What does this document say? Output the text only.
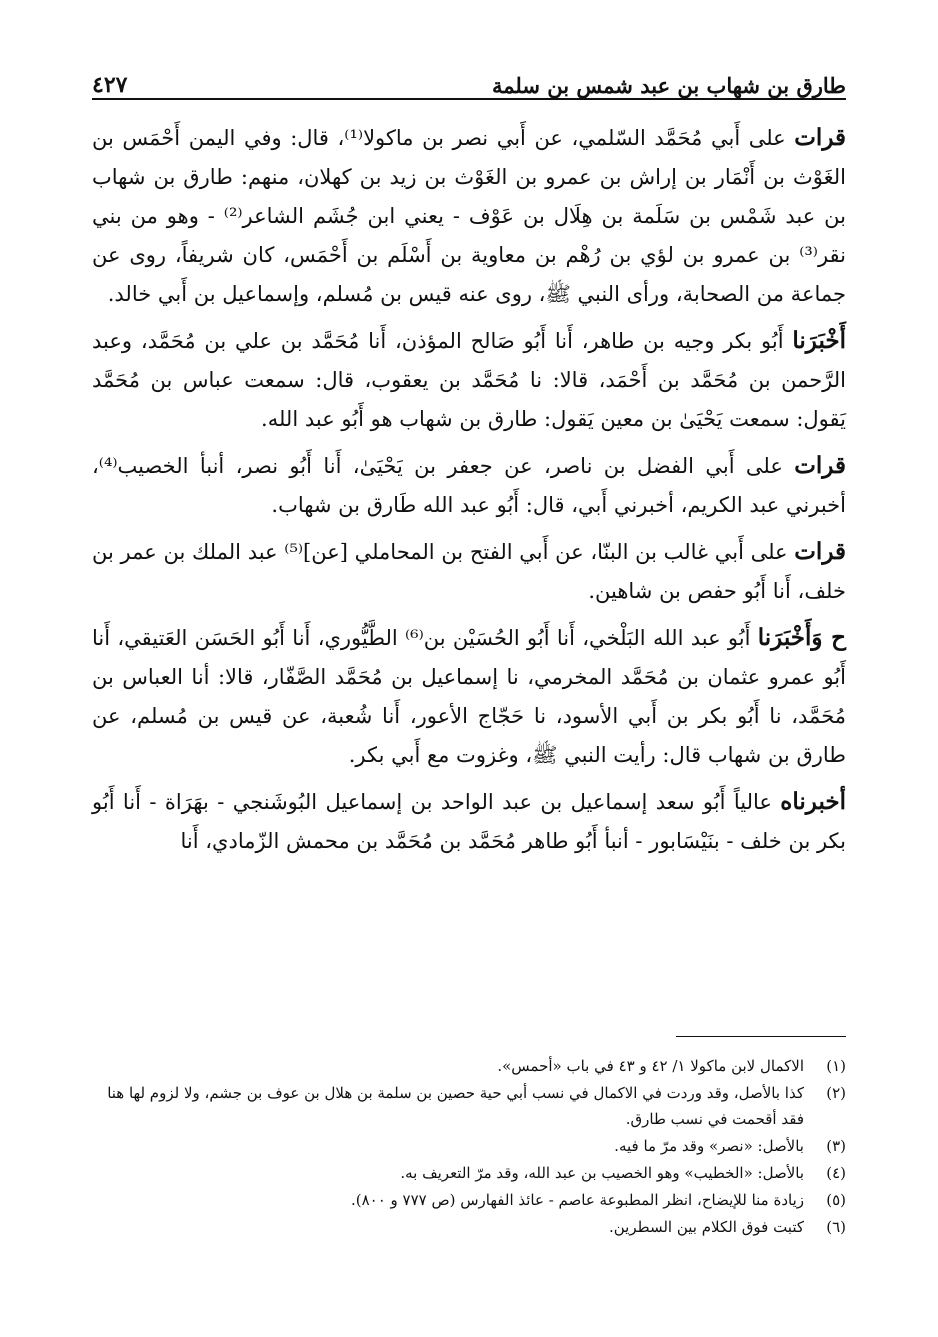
طارق بن شهاب بن عبد شمس بن سلمة
٤٢٧

قرات على أَبي مُحَمَّد السّلمي، عن أَبي نصر بن ماكولا⁽¹⁾، قال: وفي اليمن أَحْمَس بن الغَوْث بن أَنْمَار بن إراش بن عمرو بن الغَوْث بن زيد بن كهلان، منهم: طارق بن شهاب بن عبد شَمْس بن سَلَمة بن هِلَال بن عَوْف - يعني ابن جُشَم الشاعر⁽²⁾ - وهو من بني نقر⁽³⁾ بن عمرو بن لؤي بن رُهْم بن معاوية بن أَسْلَم بن أَحْمَس، كان شريفاً، روى عن جماعة من الصحابة، ورأى النبي ﷺ، روى عنه قيس بن مُسلم، وإسماعيل بن أَبي خالد.

أَخْبَرَنا أَبُو بكر وجيه بن طاهر، أَنا أَبُو صَالح المؤذن، أَنا مُحَمَّد بن علي بن مُحَمَّد، وعبد الرَّحمن بن مُحَمَّد بن أَحْمَد، قالا: نا مُحَمَّد بن يعقوب، قال: سمعت عباس بن مُحَمَّد يَقول: سمعت يَحْيَىٰ بن معين يَقول: طارق بن شهاب هو أَبُو عبد الله.

قرات على أَبي الفضل بن ناصر، عن جعفر بن يَحْيَىٰ، أَنا أَبُو نصر، أنبأ الخصيب⁽⁴⁾، أخبرني عبد الكريم، أخبرني أَبي، قال: أَبُو عبد الله طَارق بن شهاب.

قرات على أَبي غالب بن البنّا، عن أَبي الفتح بن المحاملي [عن]⁽⁵⁾ عبد الملك بن عمر بن خلف، أَنا أَبُو حفص بن شاهين.

ح وَأَخْبَرَنا أَبُو عبد الله البَلْخي، أَنا أَبُو الحُسَيْن بن⁽⁶⁾ الطَّيُّوري، أَنا أَبُو الحَسَن العَتيقي، أَنا أَبُو عمرو عثمان بن مُحَمَّد المخرمي، نا إسماعيل بن مُحَمَّد الصَّفّار، قالا: أنا العباس بن مُحَمَّد، نا أَبُو بكر بن أَبي الأسود، نا حَجّاج الأعور، أَنا شُعبة، عن قيس بن مُسلم، عن طارق بن شهاب قال: رأيت النبي ﷺ، وغزوت مع أَبي بكر.

أخبرناه عالياً أَبُو سعد إسماعيل بن عبد الواحد بن إسماعيل البُوشَنجي - بهَرَاة - أَنا أَبُو بكر بن خلف - بنَيْسَابور - أنبأ أَبُو طاهر مُحَمَّد بن مُحَمَّد بن محمش الزّمادي، أَنا

(١)
الاكمال لابن ماكولا ١/ ٤٢ و ٤٣ في باب «أحمس».
(٢)
كذا بالأصل، وقد وردت في الاكمال في نسب أبي حية حصين بن سلمة بن هلال بن عوف بن جشم، ولا لزوم لها هنا فقد أقحمت في نسب طارق.
(٣)
بالأصل: «نصر» وقد مرّ ما فيه.
(٤)
بالأصل: «الخطيب» وهو الخصيب بن عبد الله، وقد مرّ التعريف به.
(٥)
زيادة منا للإيضاح، انظر المطبوعة عاصم - عائذ الفهارس (ص ٧٧٧ و ٨٠٠).
(٦)
كتبت فوق الكلام بين السطرين.
